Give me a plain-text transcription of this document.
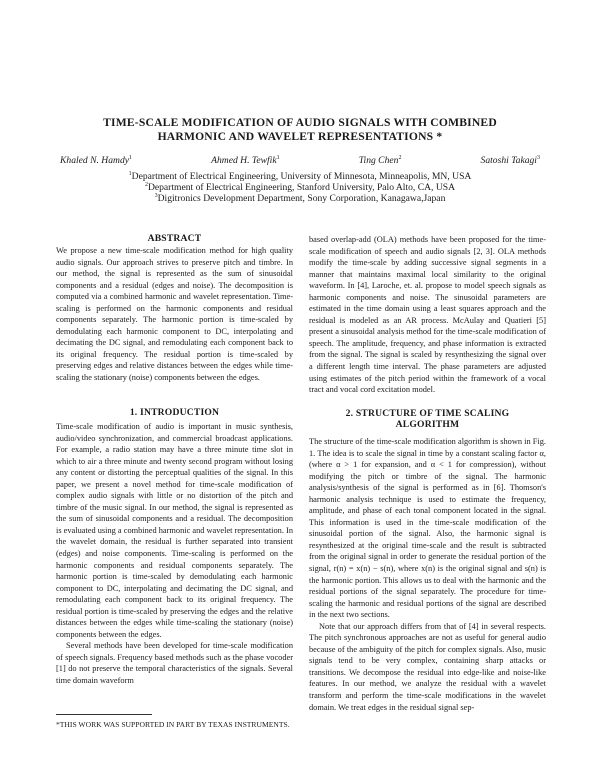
TIME-SCALE MODIFICATION OF AUDIO SIGNALS WITH COMBINED
HARMONIC AND WAVELET REPRESENTATIONS *
Khaled N. Hamdy$^1$	Ahmed H. Tewfik$^1$	Ting Chen$^2$	Satoshi Takagi$^3$
$^1$Department of Electrical Engineering, University of Minnesota, Minneapolis, MN, USA
$^2$Department of Electrical Engineering, Stanford University, Palo Alto, CA, USA
$^3$Digitronics Development Department, Sony Corporation, Kanagawa,Japan
ABSTRACT

We propose a new time-scale modification method for high quality audio signals. Our approach strives to preserve pitch and timbre. In our method, the signal is represented as the sum of sinusoidal components and a residual (edges and noise). The decomposition is computed via a combined harmonic and wavelet representation. Time-scaling is performed on the harmonic components and residual components separately. The harmonic portion is time-scaled by demodulating each harmonic component to DC, interpolating and decimating the DC signal, and remodulating each component back to its original frequency. The residual portion is time-scaled by preserving edges and relative distances between the edges while time-scaling the stationary (noise) components between the edges.

1. INTRODUCTION

Time-scale modification of audio is important in music synthesis, audio/video synchronization, and commercial broadcast applications. For example, a radio station may have a three minute time slot in which to air a three minute and twenty second program without losing any content or distorting the perceptual qualities of the signal. In this paper, we present a novel method for time-scale modification of complex audio signals with little or no distortion of the pitch and timbre of the music signal. In our method, the signal is represented as the sum of sinusoidal components and a residual. The decomposition is evaluated using a combined harmonic and wavelet representation. In the wavelet domain, the residual is further separated into transient (edges) and noise components. Time-scaling is performed on the harmonic components and residual components separately. The harmonic portion is time-scaled by demodulating each harmonic component to DC, interpolating and decimating the DC signal, and remodulating each component back to its original frequency. The residual portion is time-scaled by preserving the edges and the relative distances between the edges while time-scaling the stationary (noise) components between the edges.

Several methods have been developed for time-scale modification of speech signals. Frequency based methods such as the phase vocoder [1] do not preserve the temporal characteristics of the signals. Several time domain waveform

*THIS WORK WAS SUPPORTED IN PART BY TEXAS INSTRUMENTS.

based overlap-add (OLA) methods have been proposed for the time-scale modification of speech and audio signals [2, 3]. OLA methods modify the time-scale by adding successive signal segments in a manner that maintains maximal local similarity to the original waveform. In [4], Laroche, et. al. propose to model speech signals as harmonic components and noise. The sinusoidal parameters are estimated in the time domain using a least squares approach and the residual is modeled as an AR process. McAulay and Quatieri [5] present a sinusoidal analysis method for the time-scale modification of speech. The amplitude, frequency, and phase information is extracted from the signal. The signal is scaled by resynthesizing the signal over a different length time interval. The phase parameters are adjusted using estimates of the pitch period within the framework of a vocal tract and vocal cord excitation model.

2. STRUCTURE OF TIME SCALING
ALGORITHM

The structure of the time-scale modification algorithm is shown in Fig. 1. The idea is to scale the signal in time by a constant scaling factor α, (where α > 1 for expansion, and α < 1 for compression), without modifying the pitch or timbre of the signal. The harmonic analysis/synthesis of the signal is performed as in [6]. Thomson's harmonic analysis technique is used to estimate the frequency, amplitude, and phase of each tonal component located in the signal. This information is used in the time-scale modification of the sinusoidal portion of the signal. Also, the harmonic signal is resynthesized at the original time-scale and the result is subtracted from the original signal in order to generate the residual portion of the signal, r(n) = x(n) − s(n), where x(n) is the original signal and s(n) is the harmonic portion. This allows us to deal with the harmonic and the residual portions of the signal separately. The procedure for time-scaling the harmonic and residual portions of the signal are described in the next two sections.

Note that our approach differs from that of [4] in several respects. The pitch synchronous approaches are not as useful for general audio because of the ambiguity of the pitch for complex signals. Also, music signals tend to be very complex, containing sharp attacks or transitions. We decompose the residual into edge-like and noise-like features. In our method, we analyze the residual with a wavelet transform and perform the time-scale modifications in the wavelet domain. We treat edges in the residual signal sep-
